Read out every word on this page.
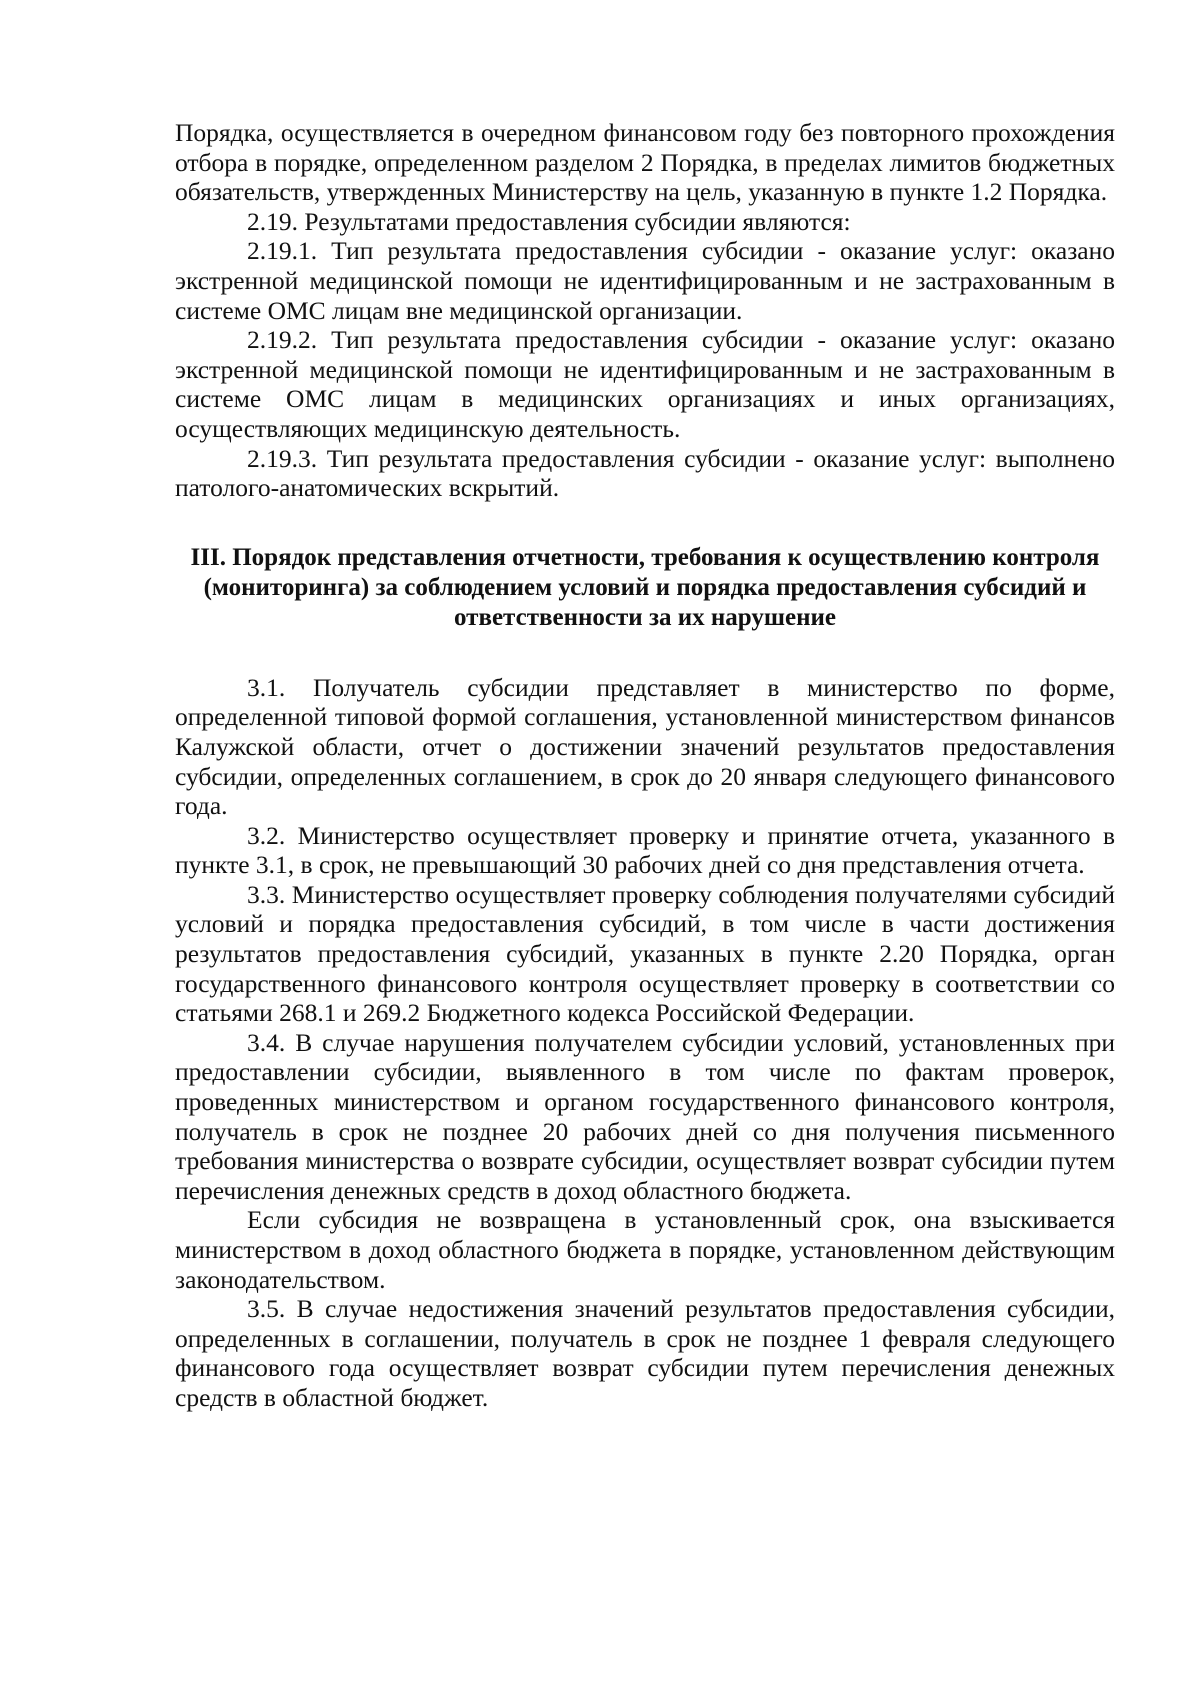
Порядка, осуществляется в очередном финансовом году без повторного прохождения отбора в порядке, определенном разделом 2 Порядка, в пределах лимитов бюджетных обязательств, утвержденных Министерству на цель, указанную в пункте 1.2 Порядка.

2.19. Результатами предоставления субсидии являются:

2.19.1. Тип результата предоставления субсидии - оказание услуг: оказано экстренной медицинской помощи не идентифицированным и не застрахованным в системе ОМС лицам вне медицинской организации.

2.19.2. Тип результата предоставления субсидии - оказание услуг: оказано экстренной медицинской помощи не идентифицированным и не застрахованным в системе ОМС лицам в медицинских организациях и иных организациях, осуществляющих медицинскую деятельность.

2.19.3. Тип результата предоставления субсидии - оказание услуг: выполнено патолого-анатомических вскрытий.

III. Порядок представления отчетности, требования к осуществлению контроля (мониторинга) за соблюдением условий и порядка предоставления субсидий и ответственности за их нарушение

3.1. Получатель субсидии представляет в министерство по форме, определенной типовой формой соглашения, установленной министерством финансов Калужской области, отчет о достижении значений результатов предоставления субсидии, определенных соглашением, в срок до 20 января следующего финансового года.

3.2. Министерство осуществляет проверку и принятие отчета, указанного в пункте 3.1, в срок, не превышающий 30 рабочих дней со дня представления отчета.

3.3. Министерство осуществляет проверку соблюдения получателями субсидий условий и порядка предоставления субсидий, в том числе в части достижения результатов предоставления субсидий, указанных в пункте 2.20 Порядка, орган государственного финансового контроля осуществляет проверку в соответствии со статьями 268.1 и 269.2 Бюджетного кодекса Российской Федерации.

3.4. В случае нарушения получателем субсидии условий, установленных при предоставлении субсидии, выявленного в том числе по фактам проверок, проведенных министерством и органом государственного финансового контроля, получатель в срок не позднее 20 рабочих дней со дня получения письменного требования министерства о возврате субсидии, осуществляет возврат субсидии путем перечисления денежных средств в доход областного бюджета.

Если субсидия не возвращена в установленный срок, она взыскивается министерством в доход областного бюджета в порядке, установленном действующим законодательством.

3.5. В случае недостижения значений результатов предоставления субсидии, определенных в соглашении, получатель в срок не позднее 1 февраля следующего финансового года осуществляет возврат субсидии путем перечисления денежных средств в областной бюджет.
